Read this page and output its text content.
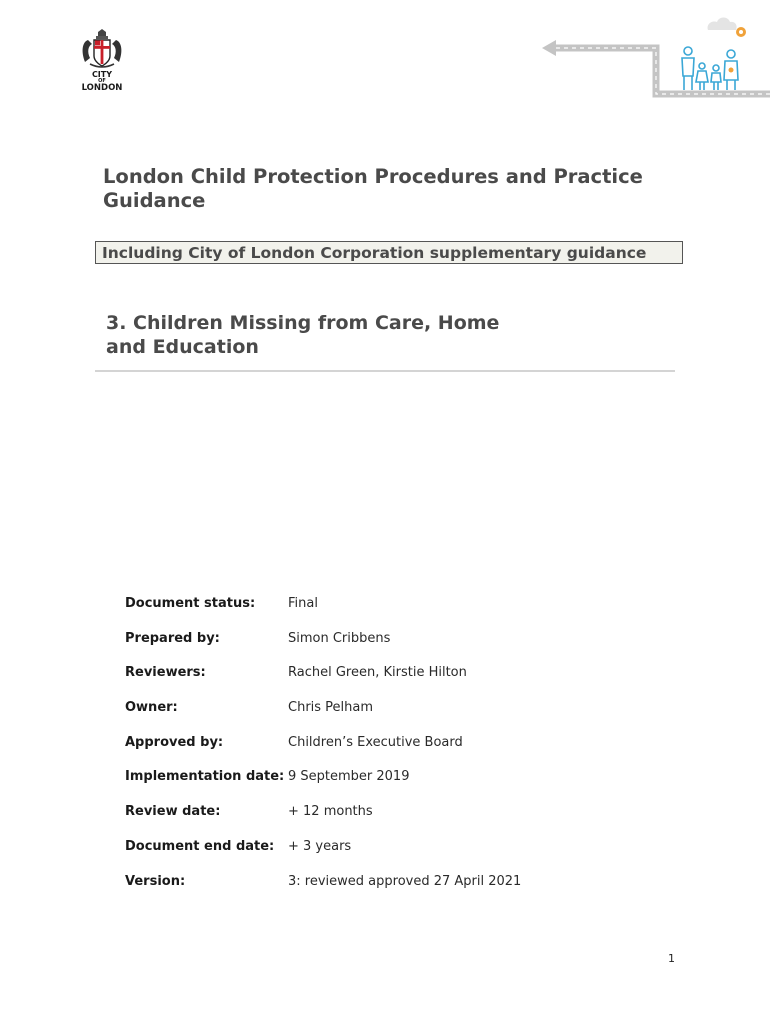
CITY
OF
LONDON
London Child Protection Procedures and Practice Guidance
Including City of London Corporation supplementary guidance
3. Children Missing from Care, Home and Education
Document status:	Final
Prepared by:	Simon Cribbens
Reviewers:	Rachel Green, Kirstie Hilton
Owner:	Chris Pelham
Approved by:	Children’s Executive Board
Implementation date: 9 September 2019
Review date:	+ 12 months
Document end date: + 3 years
Version:	3: reviewed approved 27 April 2021
1
